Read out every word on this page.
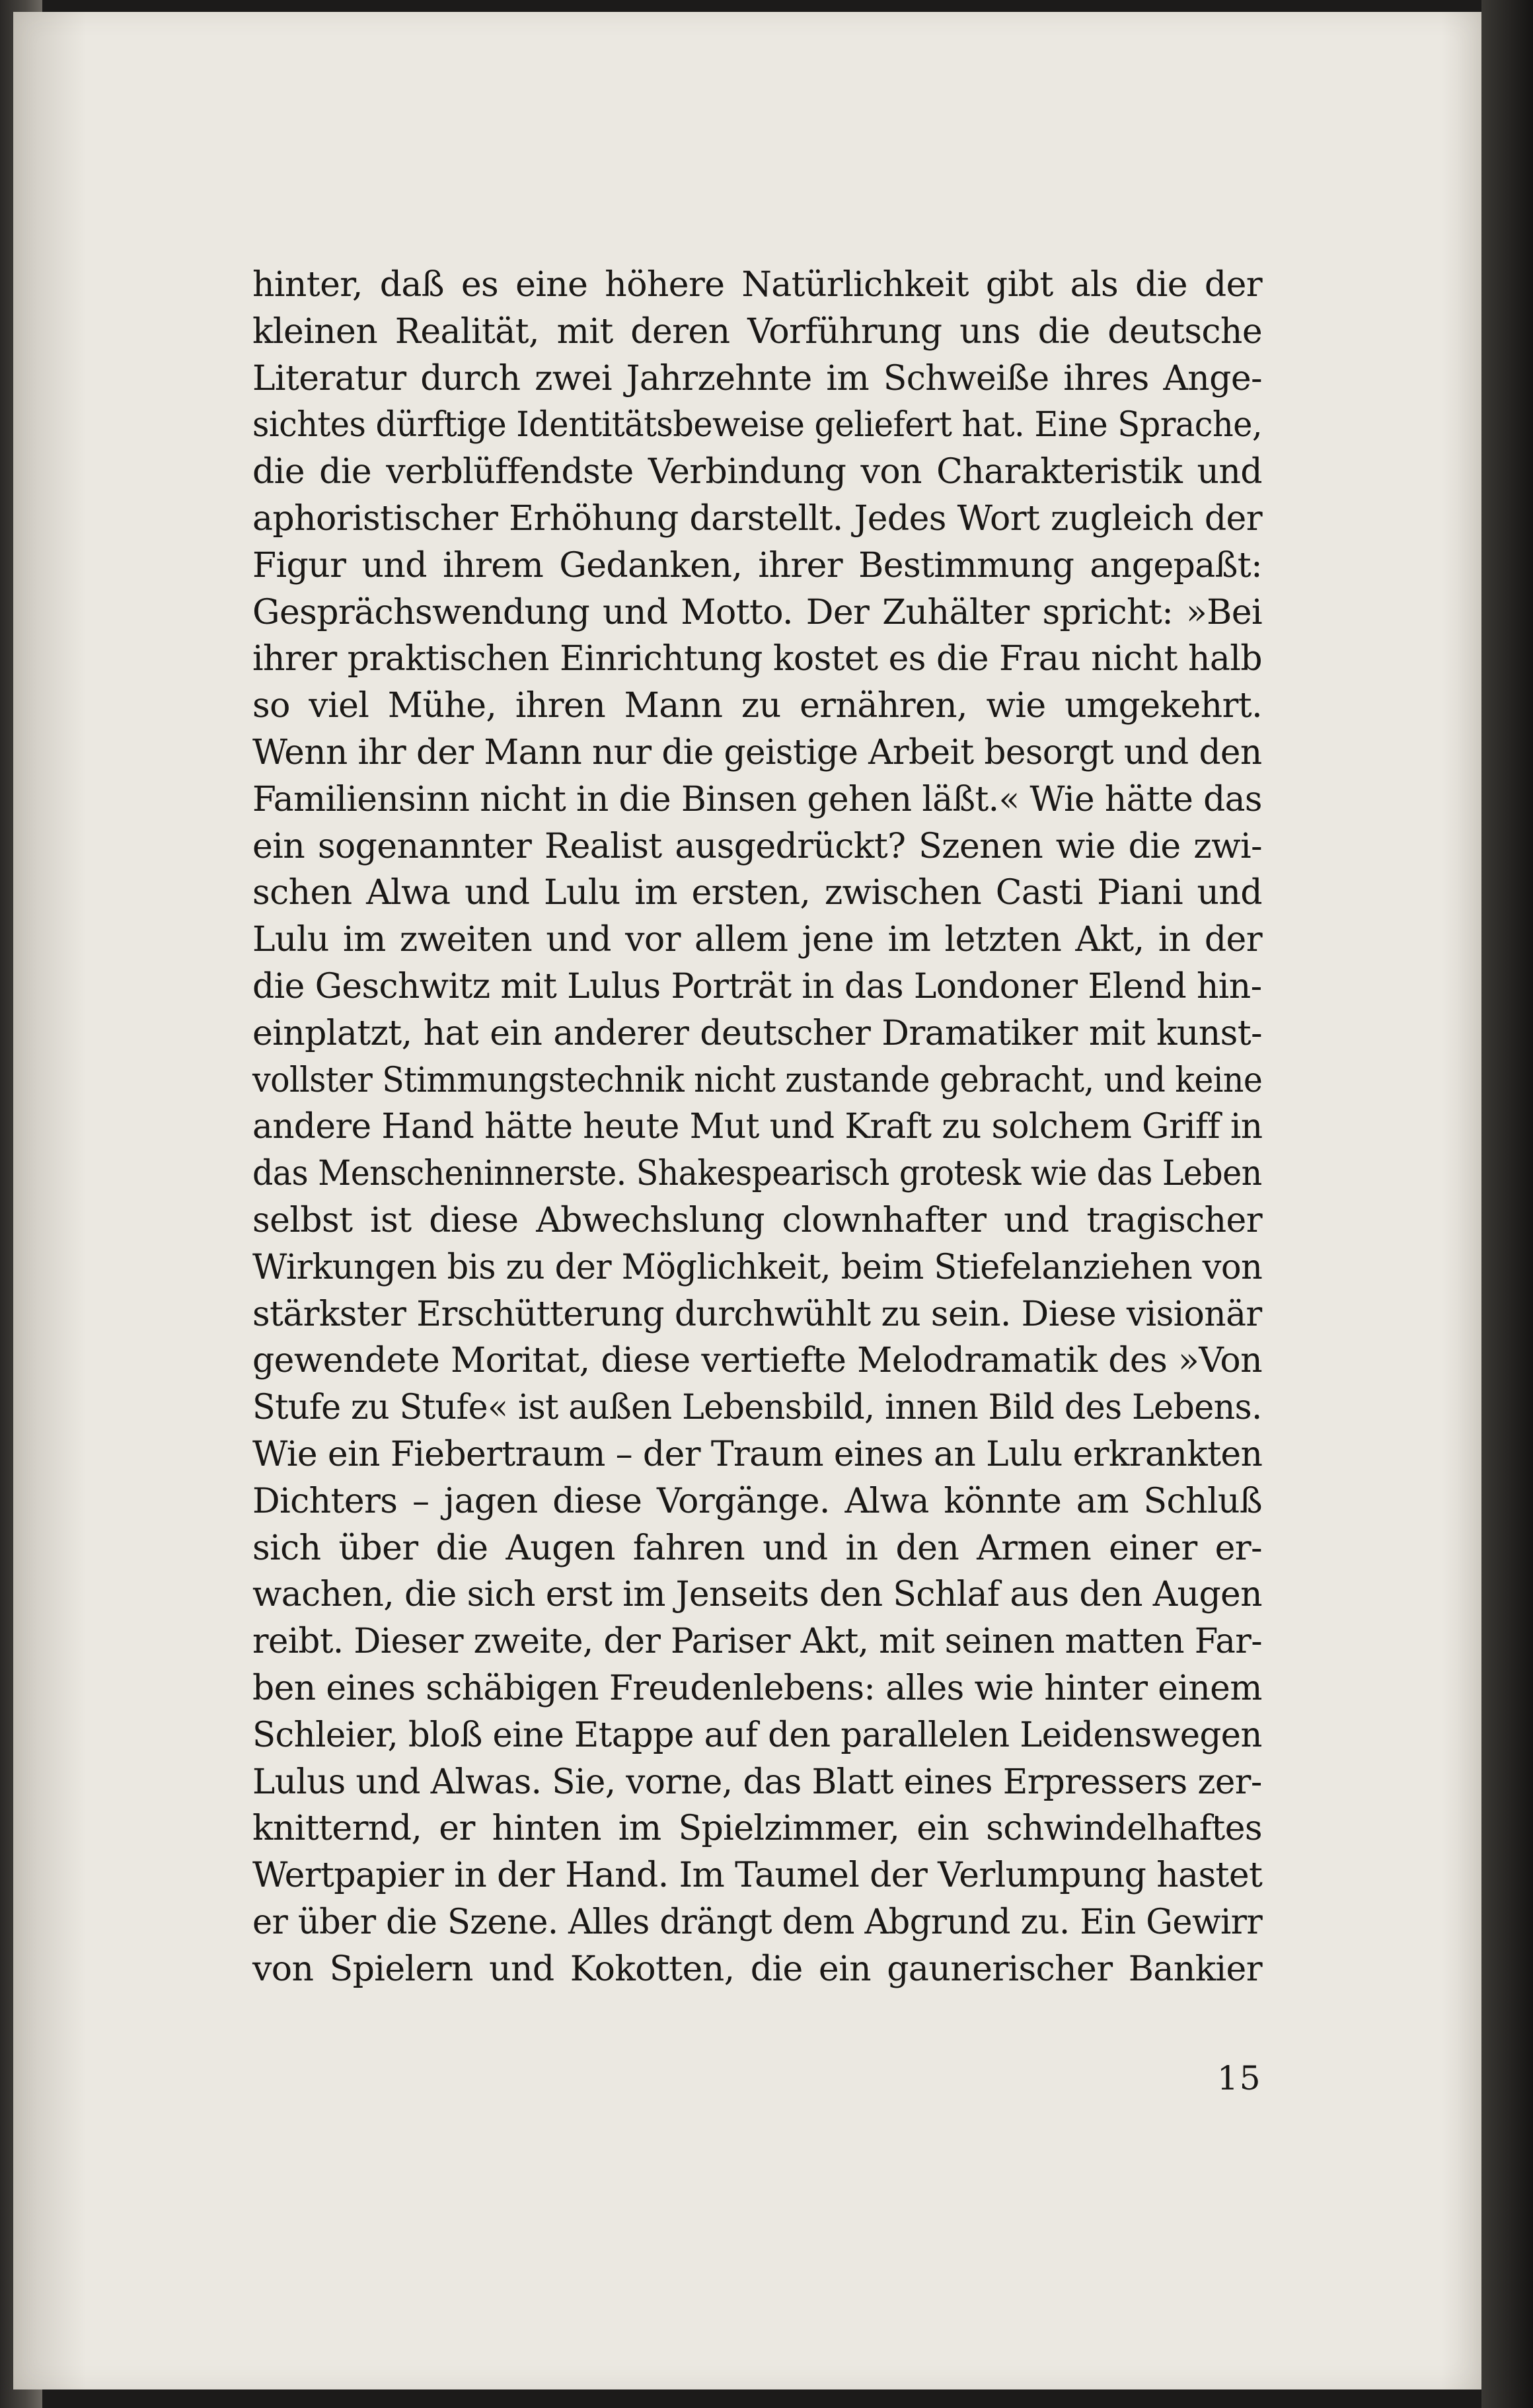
hinter, daß es eine höhere Natürlichkeit gibt als die der
kleinen Realität, mit deren Vorführung uns die deutsche
Literatur durch zwei Jahrzehnte im Schweiße ihres Ange-
sichtes dürftige Identitätsbeweise geliefert hat. Eine Sprache,
die die verblüffendste Verbindung von Charakteristik und
aphoristischer Erhöhung darstellt. Jedes Wort zugleich der
Figur und ihrem Gedanken, ihrer Bestimmung angepaßt:
Gesprächswendung und Motto. Der Zuhälter spricht: »Bei
ihrer praktischen Einrichtung kostet es die Frau nicht halb
so viel Mühe, ihren Mann zu ernähren, wie umgekehrt.
Wenn ihr der Mann nur die geistige Arbeit besorgt und den Familiensinn nicht in die Binsen gehen läßt.« Wie hätte das
ein sogenannter Realist ausgedrückt? Szenen wie die zwi-
schen Alwa und Lulu im ersten, zwischen Casti Piani und
Lulu im zweiten und vor allem jene im letzten Akt, in der
die Geschwitz mit Lulus Porträt in das Londoner Elend hin-
einplatzt, hat ein anderer deutscher Dramatiker mit kunst-
vollster Stimmungstechnik nicht zustande gebracht, und keine andere Hand hätte heute Mut und Kraft zu solchem Griff in das Menscheninnerste. Shakespearisch grotesk wie das Leben
selbst ist diese Abwechslung clownhafter und tragischer
Wirkungen bis zu der Möglichkeit, beim Stiefelanziehen von stärkster Erschütterung durchwühlt zu sein. Diese visionär
gewendete Moritat, diese vertiefte Melodramatik des »Von
Stufe zu Stufe« ist außen Lebensbild, innen Bild des Lebens. Wie ein Fiebertraum – der Traum eines an Lulu erkrankten
Dichters – jagen diese Vorgänge. Alwa könnte am Schluß
sich über die Augen fahren und in den Armen einer er-
wachen, die sich erst im Jenseits den Schlaf aus den Augen reibt. Dieser zweite, der Pariser Akt, mit seinen matten Far- ben eines schäbigen Freudenlebens: alles wie hinter einem Schleier, bloß eine Etappe auf den parallelen Leidenswegen Lulus und Alwas. Sie, vorne, das Blatt eines Erpressers zer-
knitternd, er hinten im Spielzimmer, ein schwindelhaftes
Wertpapier in der Hand. Im Taumel der Verlumpung hastet er über die Szene. Alles drängt dem Abgrund zu. Ein Gewirr
von Spielern und Kokotten, die ein gaunerischer Bankier
15
